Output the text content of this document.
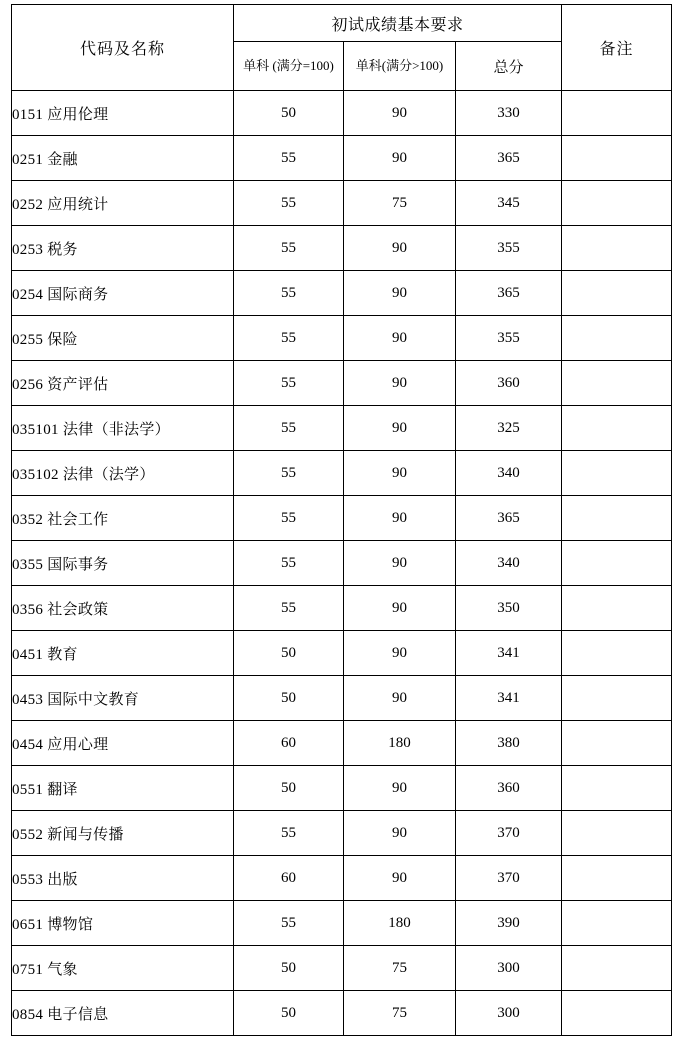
代码及名称	初试成绩基本要求			备注

	单科 (满分=100)	单科(满分>100)	总分	
0151 应用伦理	50	90	330	
0251 金融	55	90	365	
0252 应用统计	55	75	345	
0253 税务	55	90	355	
0254 国际商务	55	90	365	
0255 保险	55	90	355	
0256 资产评估	55	90	360	
035101 法律（非法学）	55	90	325	
035102 法律（法学）	55	90	340	
0352 社会工作	55	90	365	
0355 国际事务	55	90	340	
0356 社会政策	55	90	350	
0451 教育	50	90	341	
0453 国际中文教育	50	90	341	
0454 应用心理	60	180	380	
0551 翻译	50	90	360	
0552 新闻与传播	55	90	370	
0553 出版	60	90	370	
0651 博物馆	55	180	390	
0751 气象	50	75	300	
0854 电子信息	50	75	300	
